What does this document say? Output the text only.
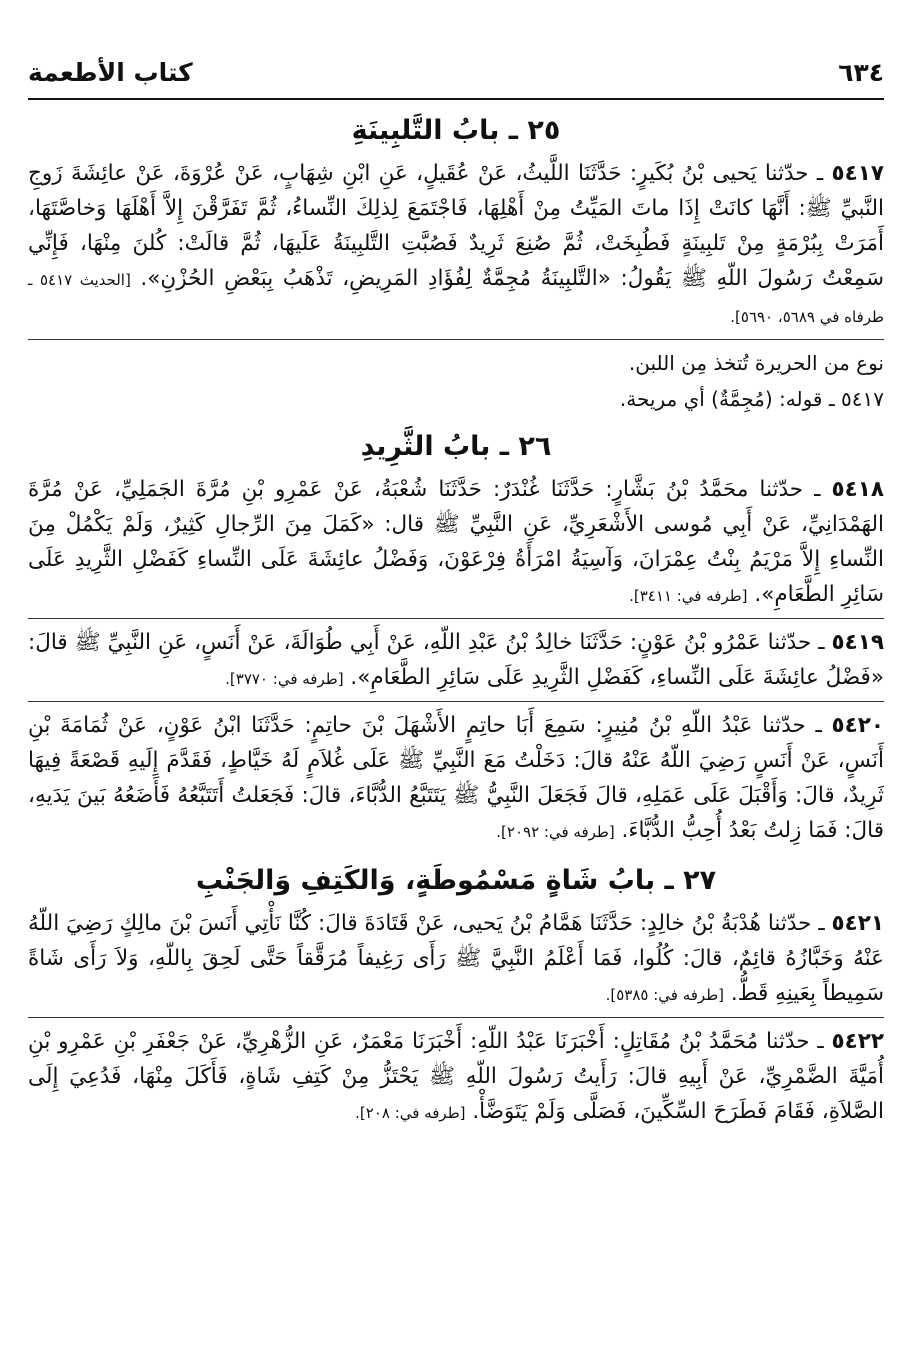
٦٣٤
كتاب الأطعمة
٢٥ ـ بابُ التَّلبِينَةِ

٥٤١٧ ـ حدّثنا يَحيى بْنُ بُكَيرٍ: حَدَّثَنَا اللَّيثُ، عَنْ عُقَيلٍ، عَنِ ابْنِ شِهَابٍ، عَنْ عُرْوَةَ، عَنْ عائِشَةَ زَوجِ النَّبيِّ ﷺ: أَنَّهَا كانَتْ إِذَا ماتَ المَيِّتُ مِنْ أَهْلِهَا، فَاجْتَمَعَ لِذلِكَ النِّساءُ، ثُمَّ تَفَرَّقْنَ إِلاَّ أَهْلَهَا وَخاصَّتَهَا، أَمَرَتْ بِبُرْمَةٍ مِنْ تَلبِينَةٍ فَطُبِخَتْ، ثُمَّ صُنِعَ ثَرِيدٌ فَصُبَّتِ التَّلبِينَةُ عَلَيهَا، ثُمَّ قالَتْ: كُلنَ مِنْهَا، فَإِنِّي سَمِعْتُ رَسُولَ اللّهِ ﷺ يَقُولُ: «التَّلبِينَةُ مُجِمَّةٌ لِفُؤَادِ المَرِيضِ، تَذْهَبُ بِبَعْضِ الحُزْنِ». [الحديث ٥٤١٧ ـ طرفاه في ٥٦٨٩، ٥٦٩٠].

نوع من الحريرة تُتخذ مِن اللبن.

٥٤١٧ ـ قوله: (مُجِمَّةٌ) أي مريحة.

٢٦ ـ بابُ الثَّرِيدِ

٥٤١٨ ـ حدّثنا محَمَّدُ بْنُ بَشَّارٍ: حَدَّثَنَا غُنْدَرٌ: حَدَّثَنَا شُعْبَةُ، عَنْ عَمْرِو بْنِ مُرَّةَ الجَمَلِيِّ، عَنْ مُرَّةَ الهَمْدَانِيِّ، عَنْ أَبِي مُوسى الأَشْعَرِيِّ، عَنِ النَّبِيِّ ﷺ قال: «كَمَلَ مِنَ الرِّجالِ كَثِيرٌ، وَلَمْ يَكْمُلْ مِنَ النِّساءِ إِلاَّ مَرْيَمُ بِنْتُ عِمْرَانَ، وَآسِيَةُ امْرَأَةُ فِرْعَوْنَ، وَفَضْلُ عائِشَةَ عَلَى النِّساءِ كَفَضْلِ الثَّرِيدِ عَلَى سَائِرِ الطَّعَامِ». [طرفه في: ٣٤١١].

٥٤١٩ ـ حدّثنا عَمْرُو بْنُ عَوْنٍ: حَدَّثَنَا خالِدُ بْنُ عَبْدِ اللّهِ، عَنْ أَبِي طُوَالَةَ، عَنْ أَنَسٍ، عَنِ النَّبِيِّ ﷺ قالَ: «فَضْلُ عائِشَةَ عَلَى النِّساءِ، كَفَضْلِ الثَّرِيدِ عَلَى سَائِرِ الطَّعَامِ». [طرفه في: ٣٧٧٠].

٥٤٢٠ ـ حدّثنا عَبْدُ اللّهِ بْنُ مُنِيرٍ: سَمِعَ أَبَا حاتِمٍ الأَشْهَلَ بْنَ حاتِمٍ: حَدَّثَنَا ابْنُ عَوْنٍ، عَنْ ثُمَامَةَ بْنِ أَنَسٍ، عَنْ أَنَسٍ رَضِيَ اللّهُ عَنْهُ قالَ: دَخَلْتُ مَعَ النَّبِيِّ ﷺ عَلَى غُلاَمٍ لَهُ خَيَّاطٍ، فَقَدَّمَ إِلَيهِ قَصْعَةً فِيهَا ثَرِيدٌ، قالَ: وَأَقْبَلَ عَلَى عَمَلِهِ، قالَ فَجَعَلَ النَّبِيُّ ﷺ يَتَتَبَّعُ الدُّبَّاءَ، قالَ: فَجَعَلتُ أَتَتَبَّعُهُ فَأَضَعُهُ بَينَ يَدَيهِ، قالَ: فَمَا زِلتُ بَعْدُ أُحِبُّ الدُّبَّاءَ. [طرفه في: ٢٠٩٢].

٢٧ ـ بابُ شَاةٍ مَسْمُوطَةٍ، وَالكَتِفِ وَالجَنْبِ

٥٤٢١ ـ حدّثنا هُدْبَةُ بْنُ خالِدٍ: حَدَّثَنَا هَمَّامُ بْنُ يَحيى، عَنْ قَتَادَةَ قالَ: كُنَّا نَأْتِي أَنَسَ بْنَ مالِكٍ رَضِيَ اللّهُ عَنْهُ وَخَبَّازُهُ قائِمٌ، قالَ: كُلُوا، فَمَا أَعْلَمُ النَّبِيَّ ﷺ رَأَى رَغِيفاً مُرَقَّقاً حَتَّى لَحِقَ بِاللّهِ، وَلاَ رَأَى شَاةً سَمِيطاً بِعَينِهِ قَطُّ. [طرفه في: ٥٣٨٥].

٥٤٢٢ ـ حدّثنا مُحَمَّدُ بْنُ مُقَاتِلٍ: أَخْبَرَنَا عَبْدُ اللّهِ: أَخْبَرَنَا مَعْمَرٌ، عَنِ الزُّهْرِيِّ، عَنْ جَعْفَرِ بْنِ عَمْرِو بْنِ أُمَيَّةَ الضَّمْرِيِّ، عَنْ أَبِيهِ قالَ: رَأَيتُ رَسُولَ اللّهِ ﷺ يَحْتَزُّ مِنْ كَتِفِ شَاةٍ، فَأَكَلَ مِنْهَا، فَدُعِيَ إِلَى الصَّلاَةِ، فَقَامَ فَطَرَحَ السِّكِّينَ، فَصَلَّى وَلَمْ يَتَوَضَّأْ. [طرفه في: ٢٠٨].
